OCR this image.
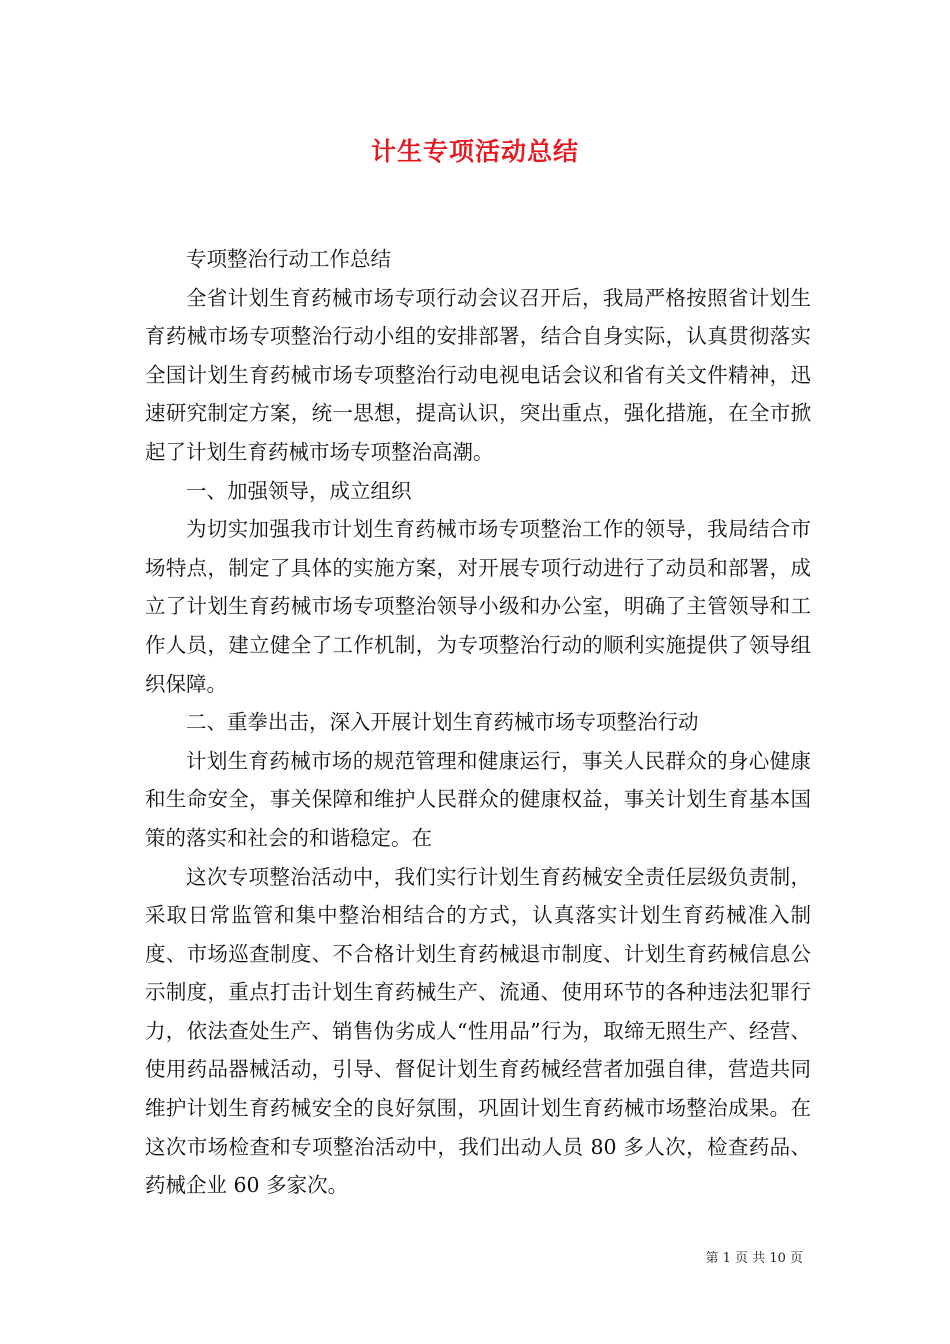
计生专项活动总结

专项整治行动工作总结

全省计划生育药械市场专项行动会议召开后，我局严格按照省计划生育药械市场专项整治行动小组的安排部署，结合自身实际，认真贯彻落实全国计划生育药械市场专项整治行动电视电话会议和省有关文件精神，迅速研究制定方案，统一思想，提高认识，突出重点，强化措施，在全市掀起了计划生育药械市场专项整治高潮。

一、加强领导，成立组织

为切实加强我市计划生育药械市场专项整治工作的领导，我局结合市场特点，制定了具体的实施方案，对开展专项行动进行了动员和部署，成立了计划生育药械市场专项整治领导小级和办公室，明确了主管领导和工作人员，建立健全了工作机制，为专项整治行动的顺利实施提供了领导组织保障。

二、重拳出击，深入开展计划生育药械市场专项整治行动

计划生育药械市场的规范管理和健康运行，事关人民群众的身心健康和生命安全，事关保障和维护人民群众的健康权益，事关计划生育基本国策的落实和社会的和谐稳定。在

这次专项整治活动中，我们实行计划生育药械安全责任层级负责制，采取日常监管和集中整治相结合的方式，认真落实计划生育药械准入制度、市场巡查制度、不合格计划生育药械退市制度、计划生育药械信息公示制度，重点打击计划生育药械生产、流通、使用环节的各种违法犯罪行力，依法查处生产、销售伪劣成人“性用品”行为，取缔无照生产、经营、使用药品器械活动，引导、督促计划生育药械经营者加强自律，营造共同维护计划生育药械安全的良好氛围，巩固计划生育药械市场整治成果。在这次市场检查和专项整治活动中，我们出动人员 80 多人次，检查药品、药械企业 60 多家次。

第 1 页 共 10 页
